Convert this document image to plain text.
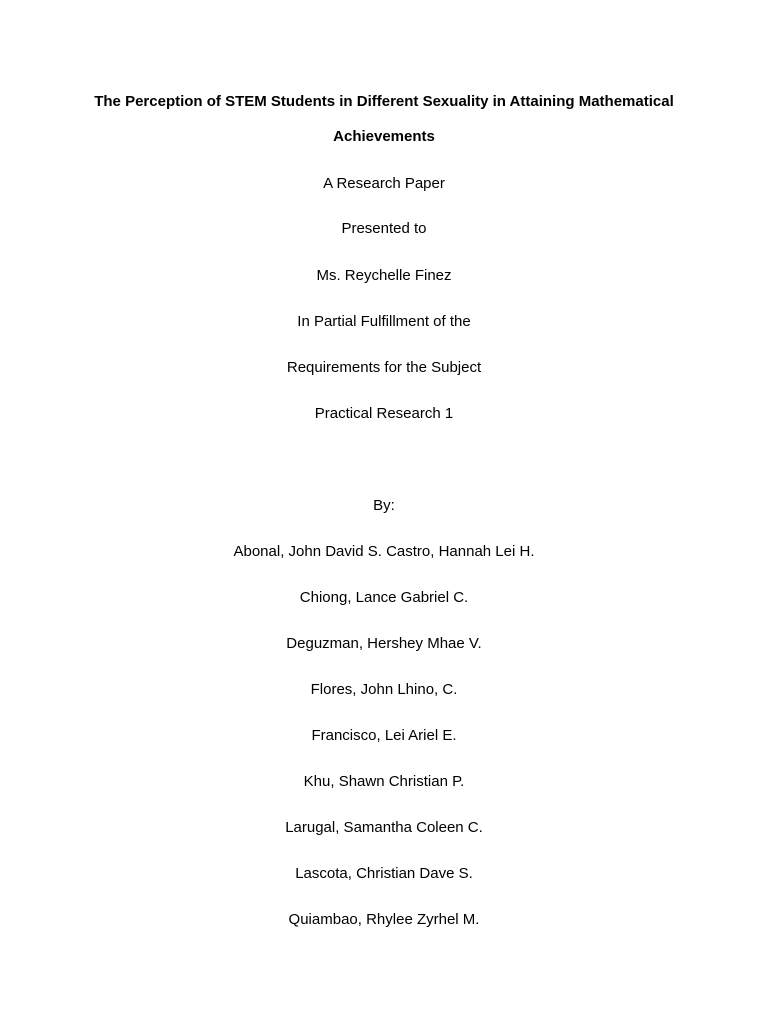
The Perception of STEM Students in Different Sexuality in Attaining Mathematical
Achievements
A Research Paper
Presented to
Ms. Reychelle Finez
In Partial Fulfillment of the
Requirements for the Subject
Practical Research 1
By:
Abonal, John David S. Castro, Hannah Lei H.
Chiong, Lance Gabriel C.
Deguzman, Hershey Mhae V.
Flores, John Lhino, C.
Francisco, Lei Ariel E.
Khu, Shawn Christian P.
Larugal, Samantha Coleen C.
Lascota, Christian Dave S.
Quiambao, Rhylee Zyrhel M.
